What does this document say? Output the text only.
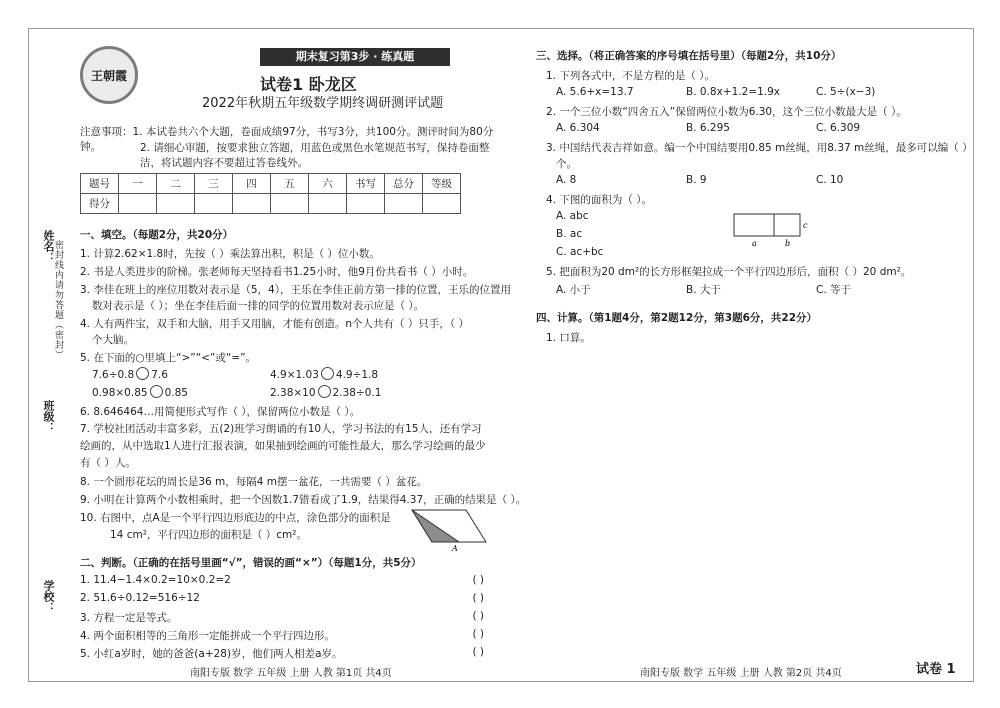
姓名：
班级：
学校：
密封线内请勿答题（密封）
王朝霞
期末复习第3步 · 练真题
试卷1 卧龙区
2022年秋期五年级数学期终调研测评试题
注意事项：1. 本试卷共六个大题，卷面成绩97分，书写3分，共100分。测评时间为80分钟。	2. 请细心审题，按要求独立答题，用蓝色或黑色水笔规范书写，保持卷面整洁，将试题内容不要超过答卷线外。
题号	一	二	三	四	五	六	书写	总分	等级
得分									
一、填空。（每题2分，共20分）
1. 计算2.62×1.8时，先按（ ）乘法算出积，积是（ ）位小数。
2. 书是人类进步的阶梯。张老师每天坚持看书1.25小时，他9月份共看书（ ）小时。
3. 李佳在班上的座位用数对表示是（5，4），王乐在李佳正前方第一排的位置，王乐的位置用
数对表示是（ ）；坐在李佳后面一排的同学的位置用数对表示应是（ ）。
4. 人有两件宝，双手和大脑，用手又用脑，才能有创造。n个人共有（ ）只手，（ ）
个大脑。
5. 在下面的○里填上“>”“<”或“=”。
7.6÷0.8 7.6	4.9×1.03 4.9÷1.8
0.98×0.85 0.85	2.38×10 2.38÷0.1
6. 8.646464…用简便形式写作（ ），保留两位小数是（ ）。
7. 学校社团活动丰富多彩，五(2)班学习朗诵的有10人，学习书法的有15人，还有学习绘画的，从中选取1人进行汇报表演，如果抽到绘画的可能性最大，那么学习绘画的最少有（ ）人。
8. 一个圆形花坛的周长是36 m，每隔4 m摆一盆花，一共需要（ ）盆花。
9. 小明在计算两个小数相乘时，把一个因数1.7错看成了1.9，结果得4.37，正确的结果是（ ）。
10. 右图中，点A是一个平行四边形底边的中点，涂色部分的面积是
14 cm²，平行四边形的面积是（ ）cm²。
A
二、判断。（正确的在括号里画“√”，错误的画“×”）（每题1分，共5分）
1. 11.4−1.4×0.2=10×0.2=2	( )
2. 51.6÷0.12=516÷12	( )
3. 方程一定是等式。	( )
4. 两个面积相等的三角形一定能拼成一个平行四边形。	( )
5. 小红a岁时，她的爸爸(a+28)岁，他们两人相差a岁。	( )
三、选择。（将正确答案的序号填在括号里）（每题2分，共10分）
1. 下列各式中，不是方程的是（ ）。
A. 5.6+x=13.7	B. 0.8x+1.2=1.9x	C. 5÷(x−3)
2. 一个三位小数“四舍五入”保留两位小数为6.30，这个三位小数最大是（ ）。
A. 6.304	B. 6.295	C. 6.309
3. 中国结代表吉祥如意。编一个中国结要用0.85 m丝绳，用8.37 m丝绳，最多可以编（ ）
个。
A. 8	B. 9	C. 10
4. 下图的面积为（ ）。
A. abc
B. ac
C. ac+bc
a	b
c
5. 把面积为20 dm²的长方形框架拉成一个平行四边形后，面积（ ）20 dm²。
A. 小于	B. 大于	C. 等于
四、计算。（第1题4分，第2题12分，第3题6分，共22分）
1. 口算。
南阳专版 数学 五年级 上册 人教 第1页 共4页	南阳专版 数学 五年级 上册 人教 第2页 共4页	试卷 1
